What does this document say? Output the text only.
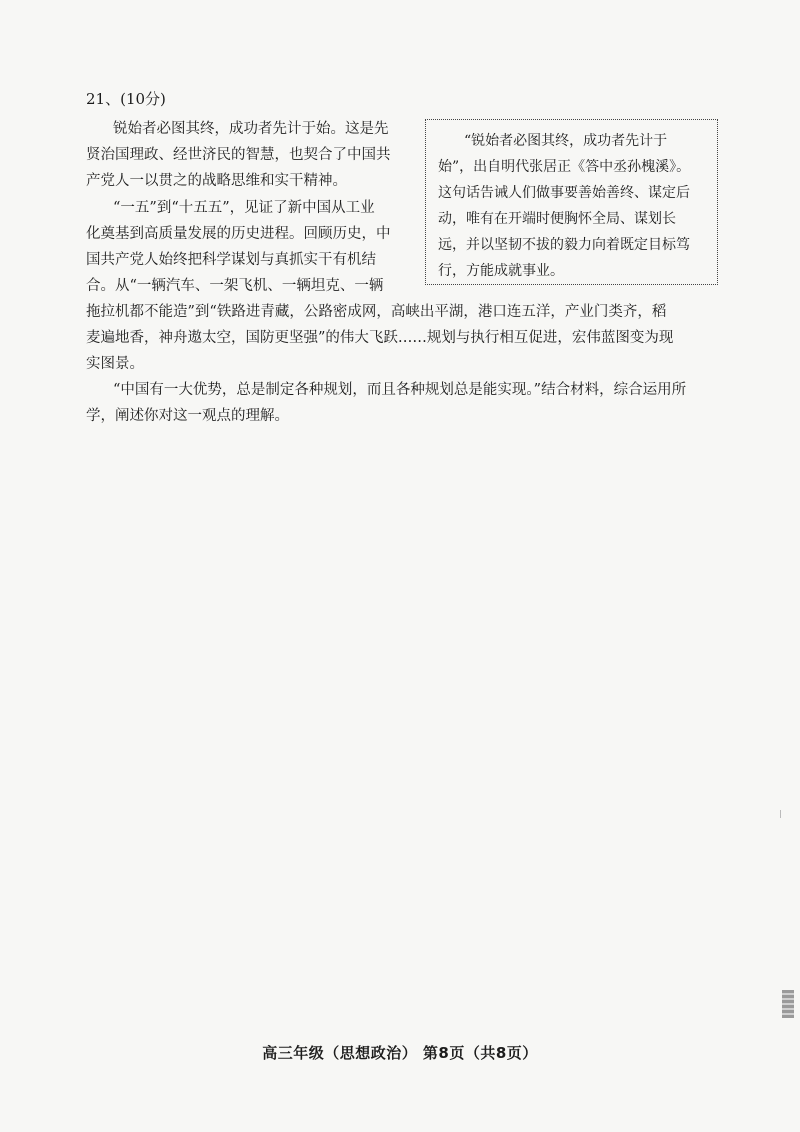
21、(10分)
锐始者必图其终，成功者先计于始。这是先
贤治国理政、经世济民的智慧，也契合了中国共
产党人一以贯之的战略思维和实干精神。
“一五”到“十五五”，见证了新中国从工业
化奠基到高质量发展的历史进程。回顾历史，中
国共产党人始终把科学谋划与真抓实干有机结
合。从“一辆汽车、一架飞机、一辆坦克、一辆
拖拉机都不能造”到“铁路进青藏，公路密成网，高峡出平湖，港口连五洋，产业门类齐，稻
麦遍地香，神舟遨太空，国防更坚强”的伟大飞跃……规划与执行相互促进，宏伟蓝图变为现
实图景。
“中国有一大优势，总是制定各种规划，而且各种规划总是能实现。”结合材料，综合运用所
学，阐述你对这一观点的理解。
“锐始者必图其终，成功者先计于
始”，出自明代张居正《答中丞孙槐溪》。
这句话告诫人们做事要善始善终、谋定后
动，唯有在开端时便胸怀全局、谋划长
远，并以坚韧不拔的毅力向着既定目标笃
行，方能成就事业。
高三年级（思想政治） 第8页（共8页）
